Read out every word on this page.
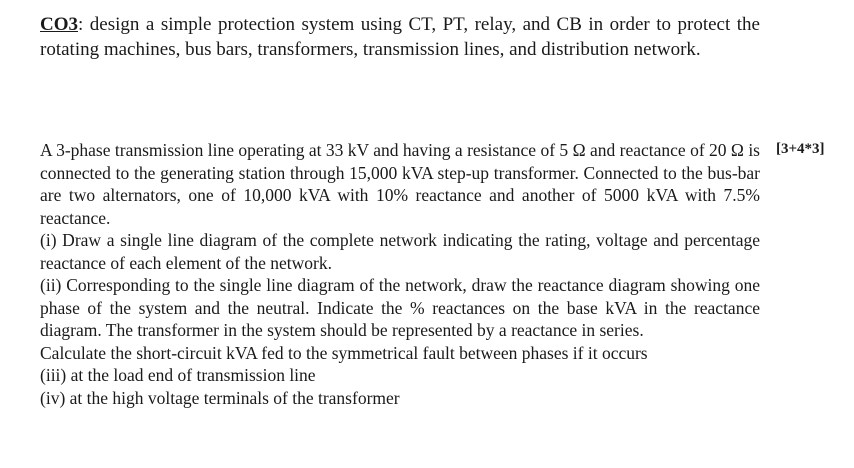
CO3: design a simple protection system using CT, PT, relay, and CB in order to protect the rotating machines, bus bars, transformers, transmission lines, and distribution network.
[3+4*3]

A 3-phase transmission line operating at 33 kV and having a resistance of 5 Ω and reactance of 20 Ω is connected to the generating station through 15,000 kVA step-up transformer. Connected to the bus-bar are two alternators, one of 10,000 kVA with 10% reactance and another of 5000 kVA with 7.5% reactance.

(i) Draw a single line diagram of the complete network indicating the rating, voltage and percentage reactance of each element of the network.

(ii) Corresponding to the single line diagram of the network, draw the reactance diagram showing one phase of the system and the neutral. Indicate the % reactances on the base kVA in the reactance diagram. The transformer in the system should be represented by a reactance in series.

Calculate the short-circuit kVA fed to the symmetrical fault between phases if it occurs

(iii) at the load end of transmission line

(iv) at the high voltage terminals of the transformer
